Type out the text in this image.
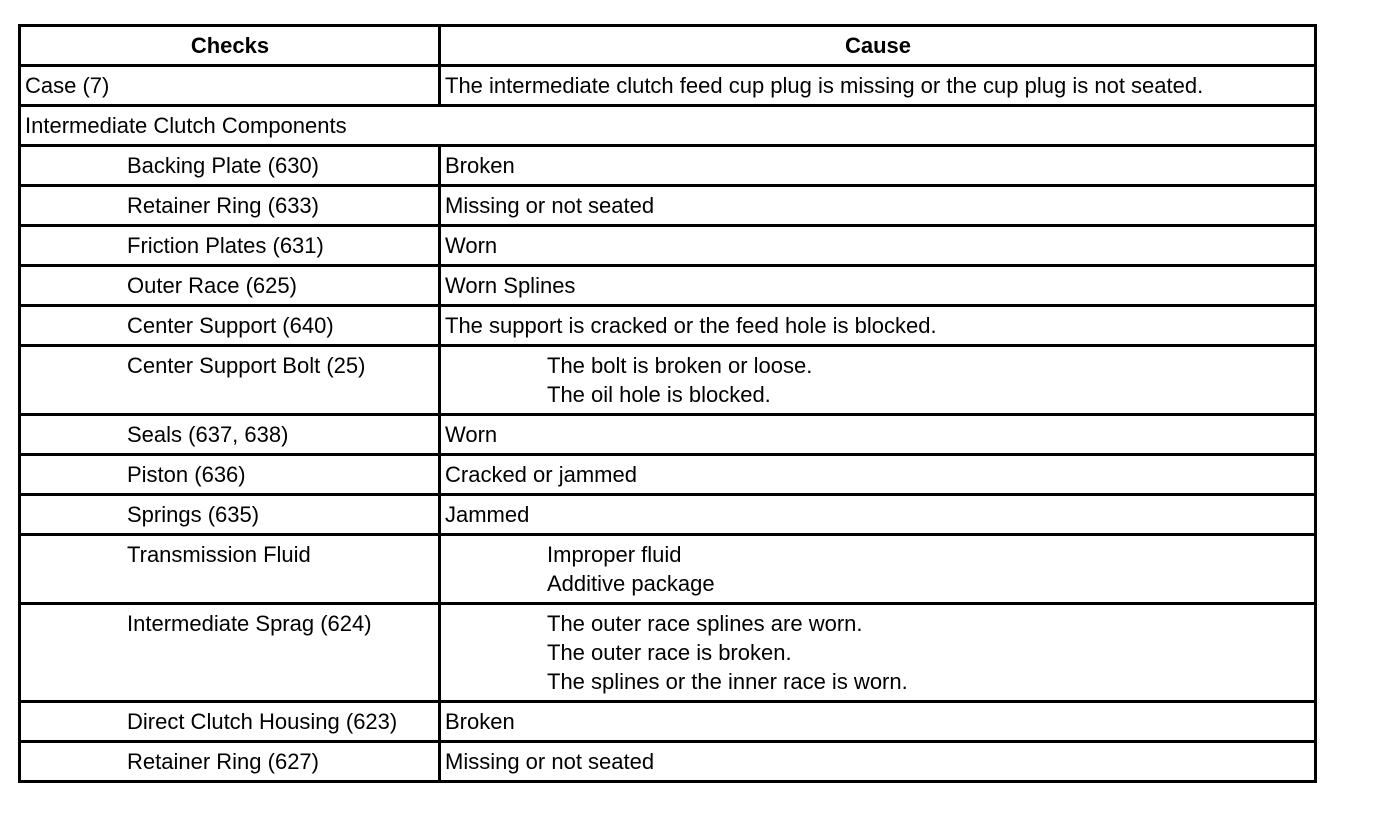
Checks	Cause
Case (7)	The intermediate clutch feed cup plug is missing or the cup plug is not seated.
Intermediate Clutch Components	
Backing Plate (630)	Broken

Retainer Ring (633)	Missing or not seated

Friction Plates (631)	Worn

Outer Race (625)	Worn Splines

Center Support (640)	The support is cracked or the feed hole is blocked.

Center Support Bolt (25)	The bolt is broken or loose.
The oil hole is blocked.

Seals (637, 638)	Worn

Piston (636)	Cracked or jammed

Springs (635)	Jammed

Transmission Fluid	Improper fluid
Additive package

Intermediate Sprag (624)	The outer race splines are worn.
The outer race is broken.
The splines or the inner race is worn.

Direct Clutch Housing (623)	Broken

Retainer Ring (627)	Missing or not seated
